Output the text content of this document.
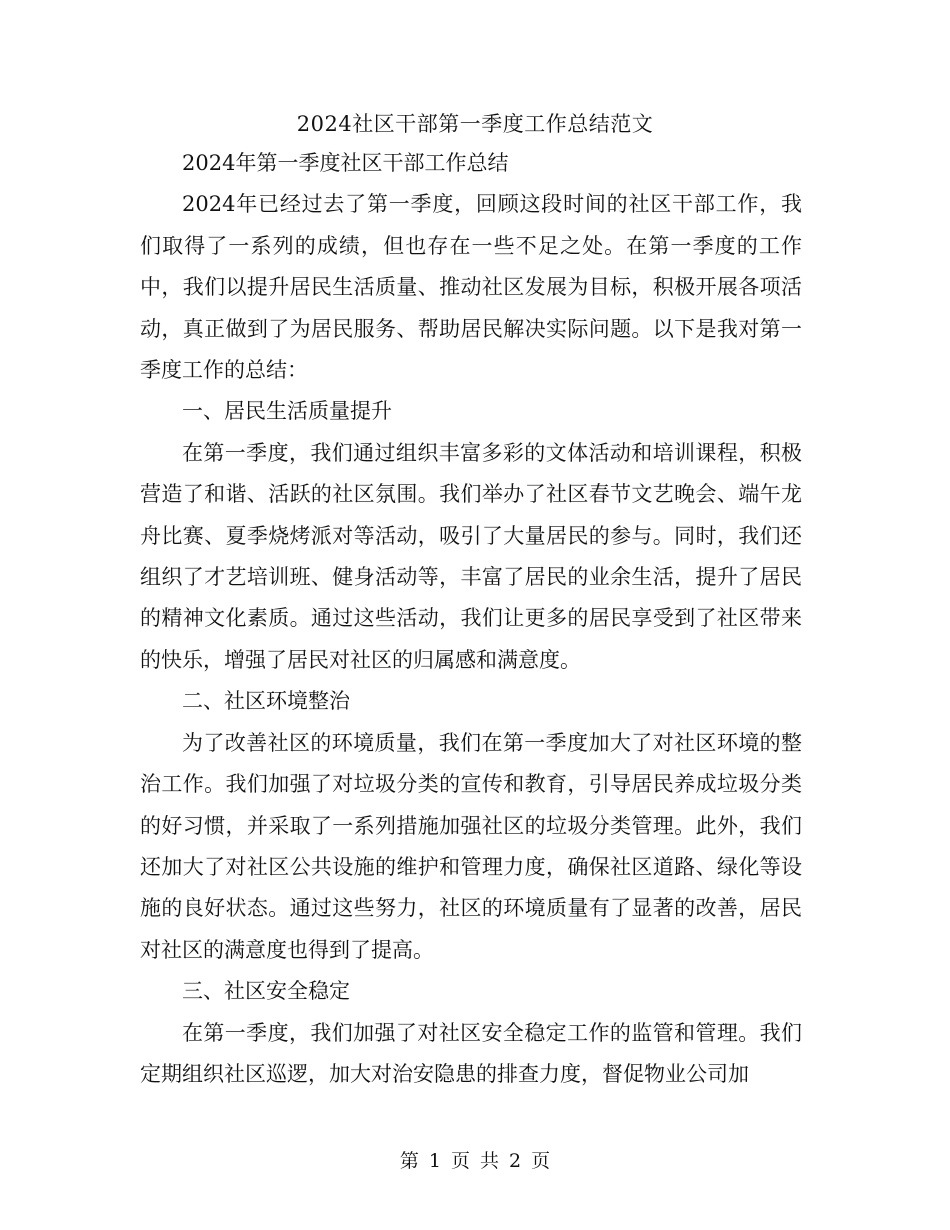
2024社区干部第一季度工作总结范文

2024年第一季度社区干部工作总结

2024年已经过去了第一季度，回顾这段时间的社区干部工作，我们取得了一系列的成绩，但也存在一些不足之处。在第一季度的工作中，我们以提升居民生活质量、推动社区发展为目标，积极开展各项活动，真正做到了为居民服务、帮助居民解决实际问题。以下是我对第一季度工作的总结：

一、居民生活质量提升

在第一季度，我们通过组织丰富多彩的文体活动和培训课程，积极营造了和谐、活跃的社区氛围。我们举办了社区春节文艺晚会、端午龙舟比赛、夏季烧烤派对等活动，吸引了大量居民的参与。同时，我们还组织了才艺培训班、健身活动等，丰富了居民的业余生活，提升了居民的精神文化素质。通过这些活动，我们让更多的居民享受到了社区带来的快乐，增强了居民对社区的归属感和满意度。

二、社区环境整治

为了改善社区的环境质量，我们在第一季度加大了对社区环境的整治工作。我们加强了对垃圾分类的宣传和教育，引导居民养成垃圾分类的好习惯，并采取了一系列措施加强社区的垃圾分类管理。此外，我们还加大了对社区公共设施的维护和管理力度，确保社区道路、绿化等设施的良好状态。通过这些努力，社区的环境质量有了显著的改善，居民对社区的满意度也得到了提高。

三、社区安全稳定

在第一季度，我们加强了对社区安全稳定工作的监管和管理。我们定期组织社区巡逻，加大对治安隐患的排查力度，督促物业公司加

第 1 页 共 2 页
